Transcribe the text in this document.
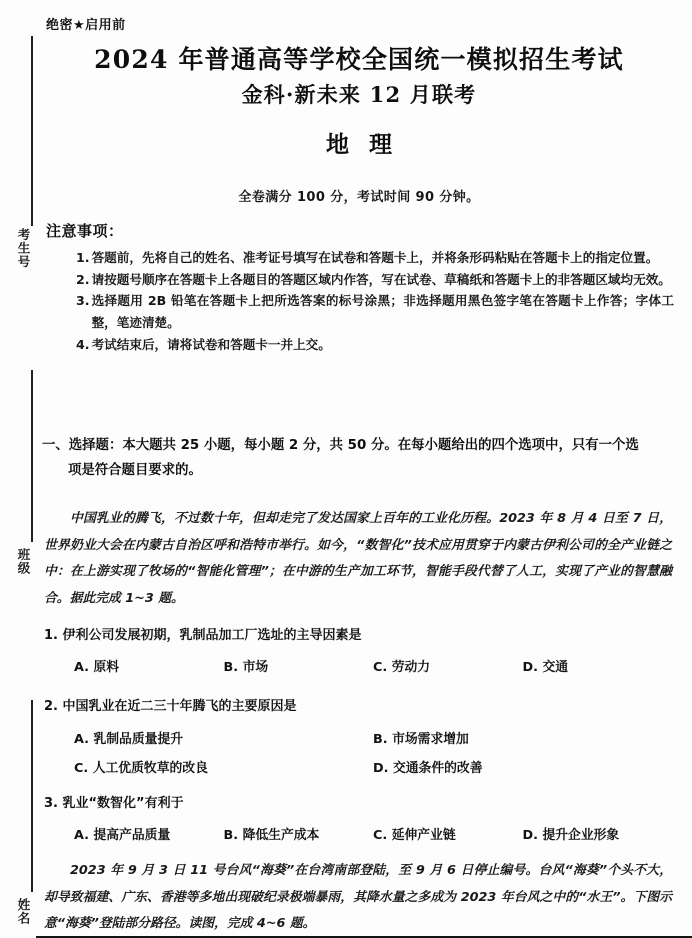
考生号
班级
姓名
绝密★启用前
2024 年普通高等学校全国统一模拟招生考试
金科·新未来 12 月联考
地理
全卷满分 100 分，考试时间 90 分钟。
注意事项：
1. 答题前，先将自己的姓名、准考证号填写在试卷和答题卡上，并将条形码粘贴在答题卡上的指定位置。
2. 请按题号顺序在答题卡上各题目的答题区域内作答，写在试卷、草稿纸和答题卡上的非答题区域均无效。
3. 选择题用 2B 铅笔在答题卡上把所选答案的标号涂黑；非选择题用黑色签字笔在答题卡上作答；字体工整，笔迹清楚。
4. 考试结束后，请将试卷和答题卡一并上交。
一、选择题：本大题共 25 小题，每小题 2 分，共 50 分。在每小题给出的四个选项中，只有一个选
项是符合题目要求的。
中国乳业的腾飞，不过数十年，但却走完了发达国家上百年的工业化历程。2023 年 8 月 4 日至 7 日，世界奶业大会在内蒙古自治区呼和浩特市举行。如今，“数智化”技术应用贯穿于内蒙古伊利公司的全产业链之中：在上游实现了牧场的“智能化管理”；在中游的生产加工环节，智能手段代替了人工，实现了产业的智慧融合。据此完成 1~3 题。
1. 伊利公司发展初期，乳制品加工厂选址的主导因素是
A. 原料	B. 市场	C. 劳动力	D. 交通
2. 中国乳业在近二三十年腾飞的主要原因是
A. 乳制品质量提升	B. 市场需求增加
C. 人工优质牧草的改良	D. 交通条件的改善
3. 乳业“数智化”有利于
A. 提高产品质量	B. 降低生产成本	C. 延伸产业链	D. 提升企业形象
2023 年 9 月 3 日 11 号台风“海葵”在台湾南部登陆，至 9 月 6 日停止编号。台风“海葵”个头不大，却导致福建、广东、香港等多地出现破纪录极端暴雨，其降水量之多成为 2023 年台风之中的“水王”。下图示意“海葵”登陆部分路径。读图，完成 4~6 题。
